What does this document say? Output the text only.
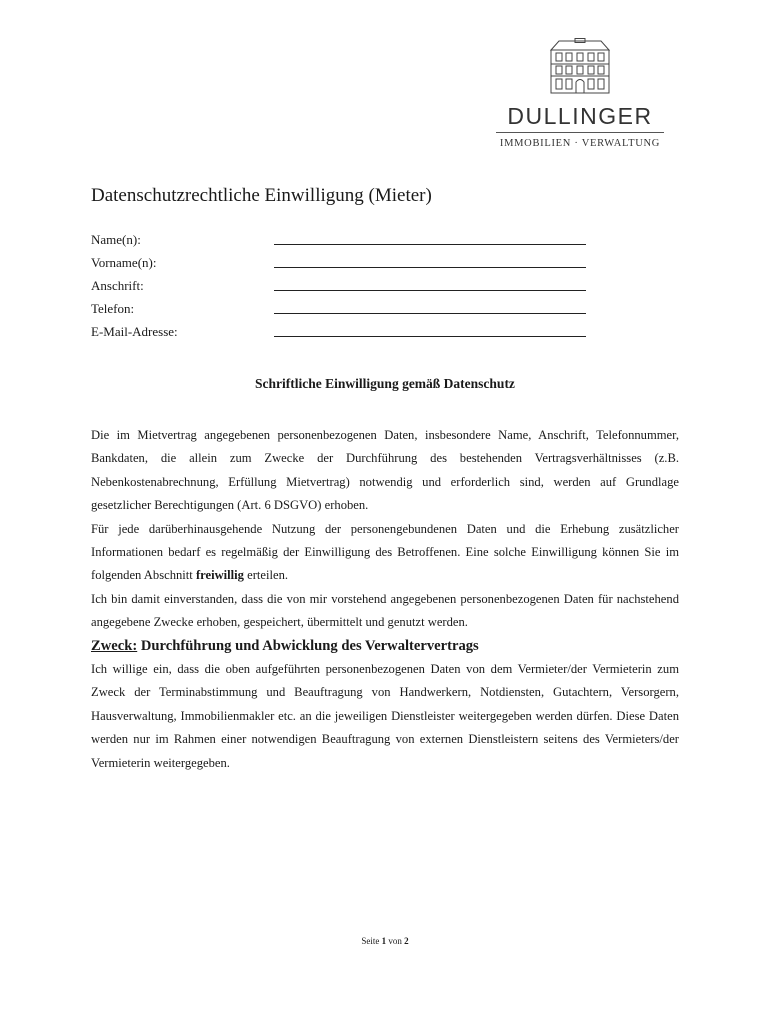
DULLINGER
IMMOBILIEN · VERWALTUNG
Datenschutzrechtliche Einwilligung (Mieter)
Name(n):
Vorname(n):
Anschrift:
Telefon:
E-Mail-Adresse:
Schriftliche Einwilligung gemäß Datenschutz

Die im Mietvertrag angegebenen personenbezogenen Daten, insbesondere Name, Anschrift, Telefonnummer, Bankdaten, die allein zum Zwecke der Durchführung des bestehenden Vertragsverhältnisses (z.B. Nebenkostenabrechnung, Erfüllung Mietvertrag) notwendig und erforderlich sind, werden auf Grundlage gesetzlicher Berechtigungen (Art. 6 DSGVO) erhoben.

Für jede darüberhinausgehende Nutzung der personengebundenen Daten und die Erhebung zusätzlicher Informationen bedarf es regelmäßig der Einwilligung des Betroffenen. Eine solche Einwilligung können Sie im folgenden Abschnitt freiwillig erteilen.

Ich bin damit einverstanden, dass die von mir vorstehend angegebenen personenbezogenen Daten für nachstehend angegebene Zwecke erhoben, gespeichert, übermittelt und genutzt werden.

Zweck: Durchführung und Abwicklung des Verwaltervertrags

Ich willige ein, dass die oben aufgeführten personenbezogenen Daten von dem Vermieter/der Vermieterin zum Zweck der Terminabstimmung und Beauftragung von Handwerkern, Notdiensten, Gutachtern, Versorgern, Hausverwaltung, Immobilienmakler etc. an die jeweiligen Dienstleister weitergegeben werden dürfen. Diese Daten werden nur im Rahmen einer notwendigen Beauftragung von externen Dienstleistern seitens des Vermieters/der Vermieterin weitergegeben.

Seite 1 von 2
